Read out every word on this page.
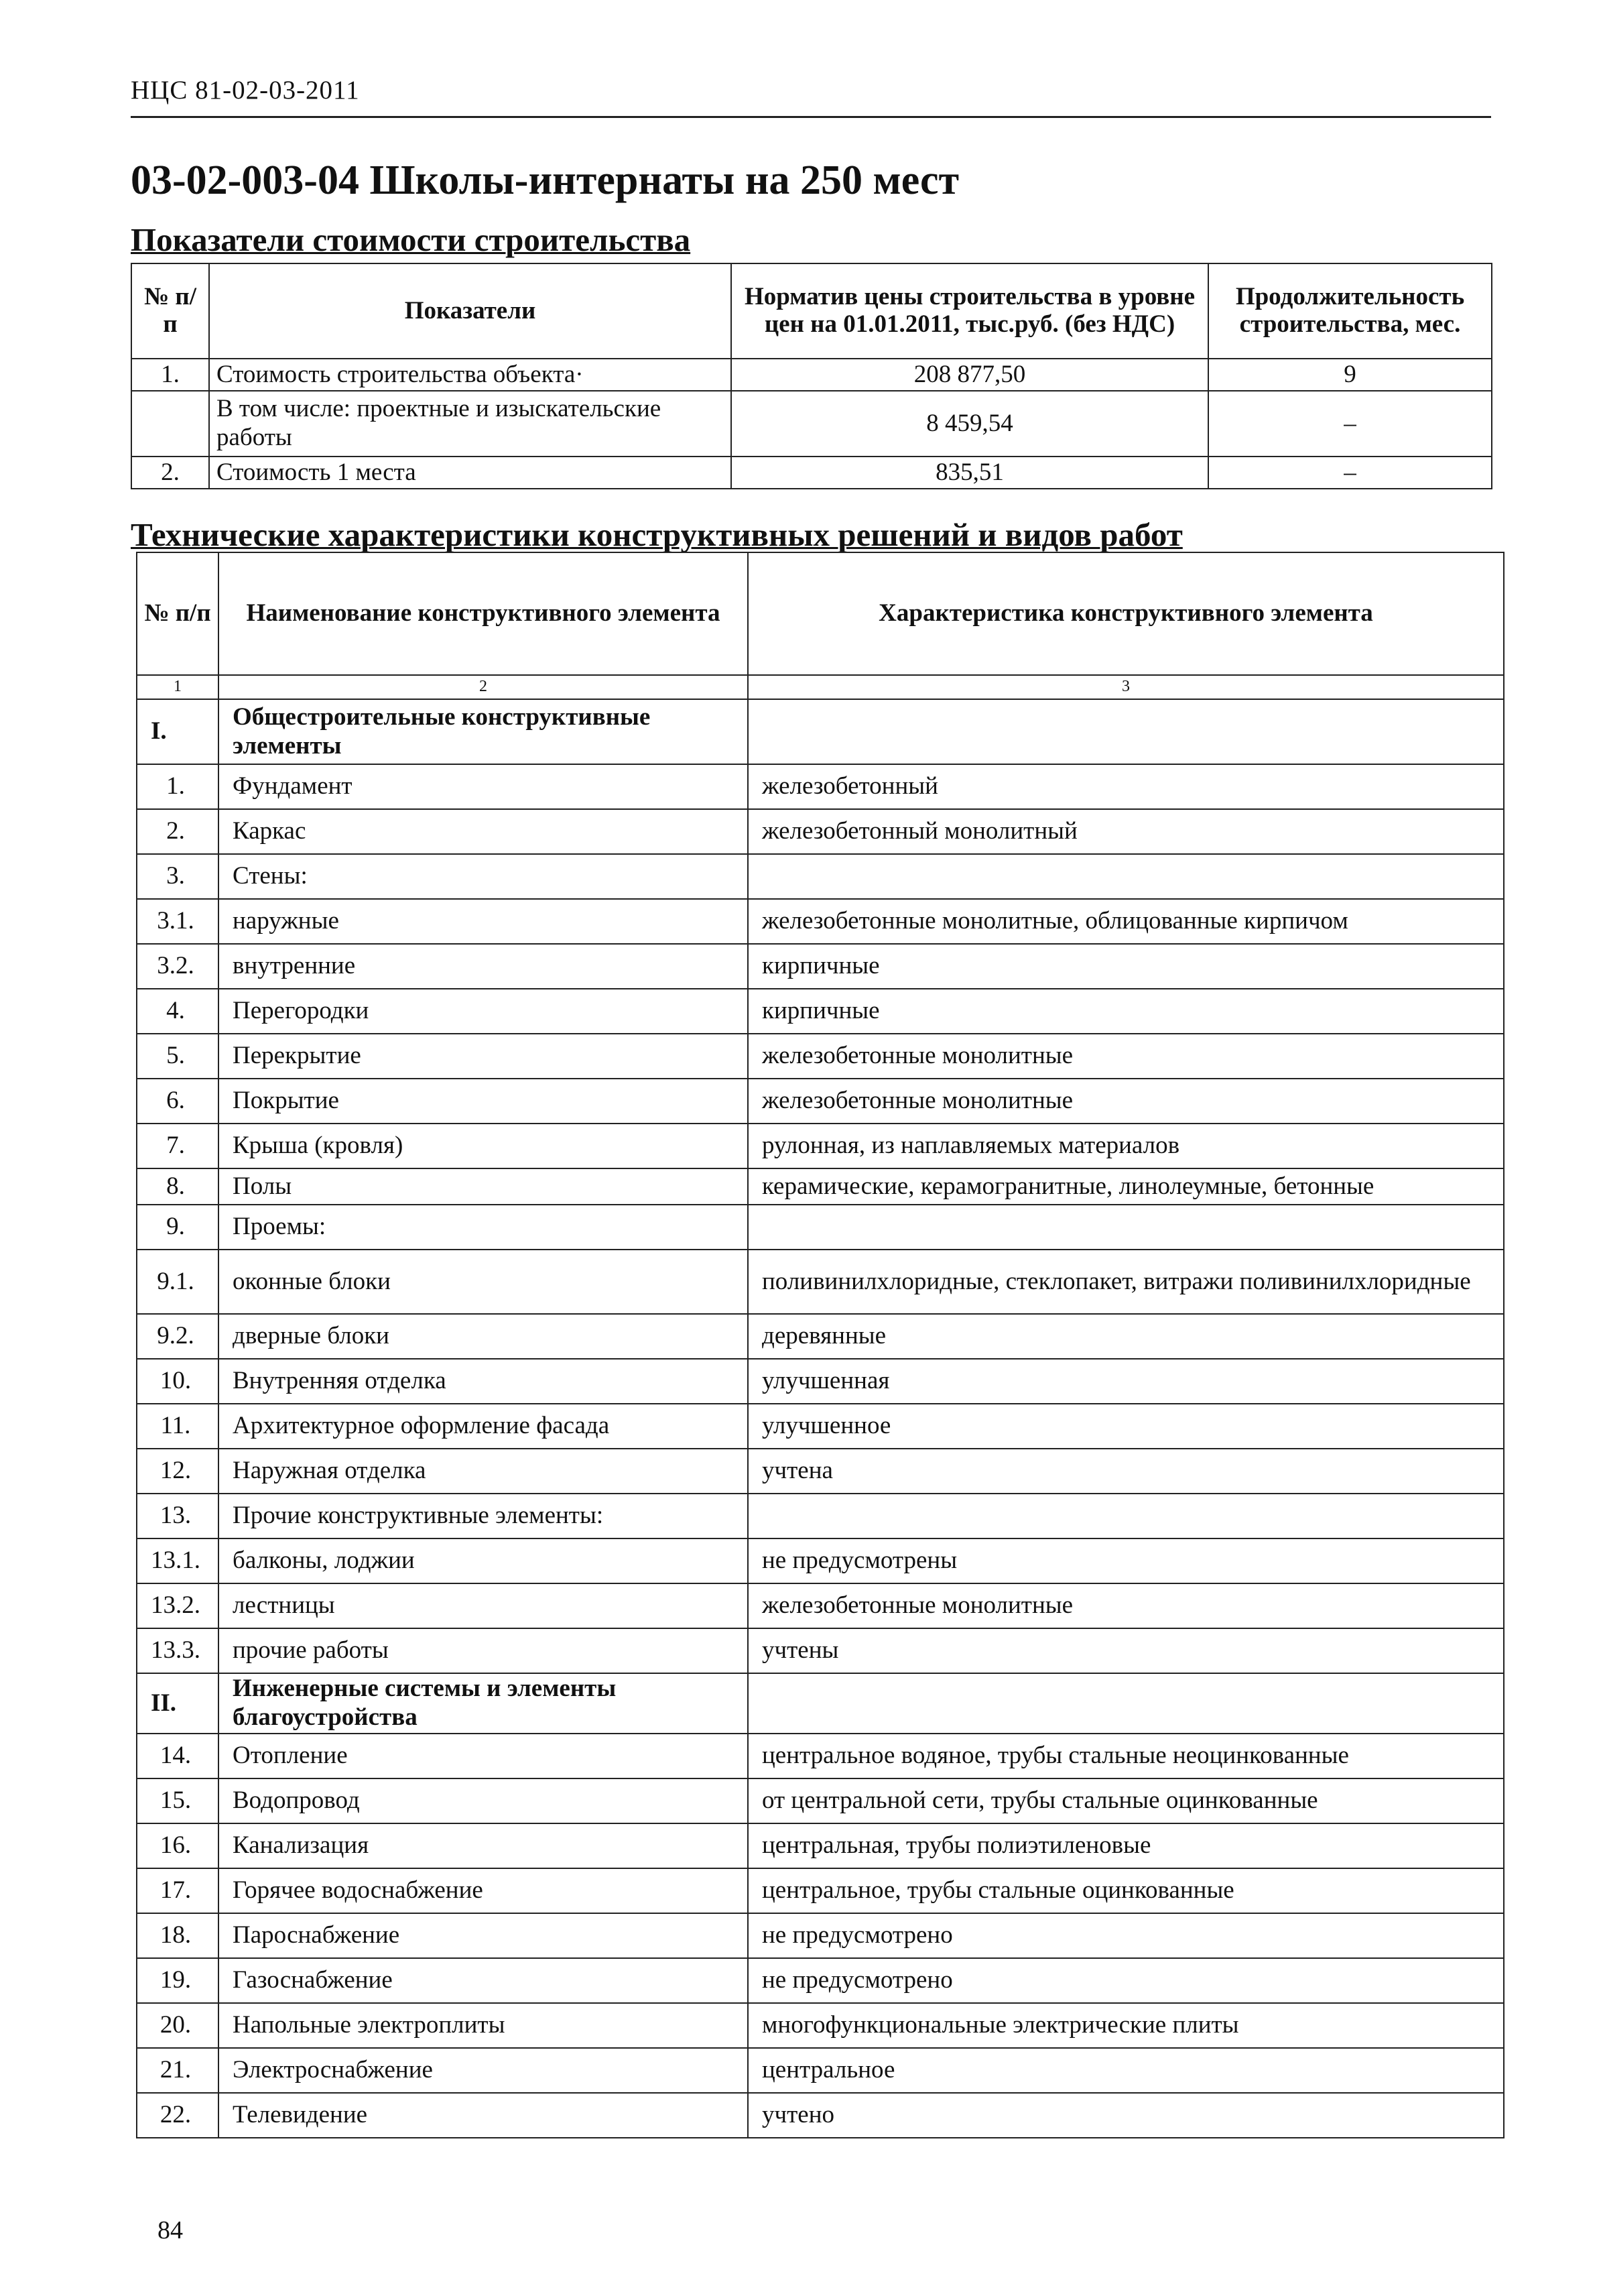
НЦС 81-02-03-2011
03-02-003-04 Школы-интернаты на 250 мест
Показатели стоимости строительства
№ п/п	Показатели	Норматив цены строительства в уровне цен на 01.01.2011, тыс.руб. (без НДС)	Продолжительность строительства, мес.
1.	Стоимость строительства объекта·	208 877,50	9
	В том числе: проектные и изыскательские работы	8 459,54	–
2.	Стоимость 1 места	835,51	–
Технические характеристики конструктивных решений и видов работ
№ п/п	Наименование конструктивного элемента	Характеристика конструктивного элемента
1	2	3
I.	Общестроительные конструктивные элементы	
1.	Фундамент	железобетонный
2.	Каркас	железобетонный монолитный
3.	Стены:	
3.1.	наружные	железобетонные монолитные, облицованные кирпичом
3.2.	внутренние	кирпичные
4.	Перегородки	кирпичные
5.	Перекрытие	железобетонные монолитные
6.	Покрытие	железобетонные монолитные
7.	Крыша (кровля)	рулонная, из наплавляемых материалов
8.	Полы	керамические, керамогранитные, линолеумные, бетонные
9.	Проемы:	
9.1.	оконные блоки	поливинилхлоридные, стеклопакет, витражи поливинилхлоридные
9.2.	дверные блоки	деревянные
10.	Внутренняя отделка	улучшенная
11.	Архитектурное оформление фасада	улучшенное
12.	Наружная отделка	учтена
13.	Прочие конструктивные элементы:	
13.1.	балконы, лоджии	не предусмотрены
13.2.	лестницы	железобетонные монолитные
13.3.	прочие работы	учтены
II.	Инженерные системы и элементы благоустройства	
14.	Отопление	центральное водяное, трубы стальные неоцинкованные
15.	Водопровод	от центральной сети, трубы стальные оцинкованные
16.	Канализация	центральная, трубы полиэтиленовые
17.	Горячее водоснабжение	центральное, трубы стальные оцинкованные
18.	Пароснабжение	не предусмотрено
19.	Газоснабжение	не предусмотрено
20.	Напольные электроплиты	многофункциональные электрические плиты
21.	Электроснабжение	центральное
22.	Телевидение	учтено
84
